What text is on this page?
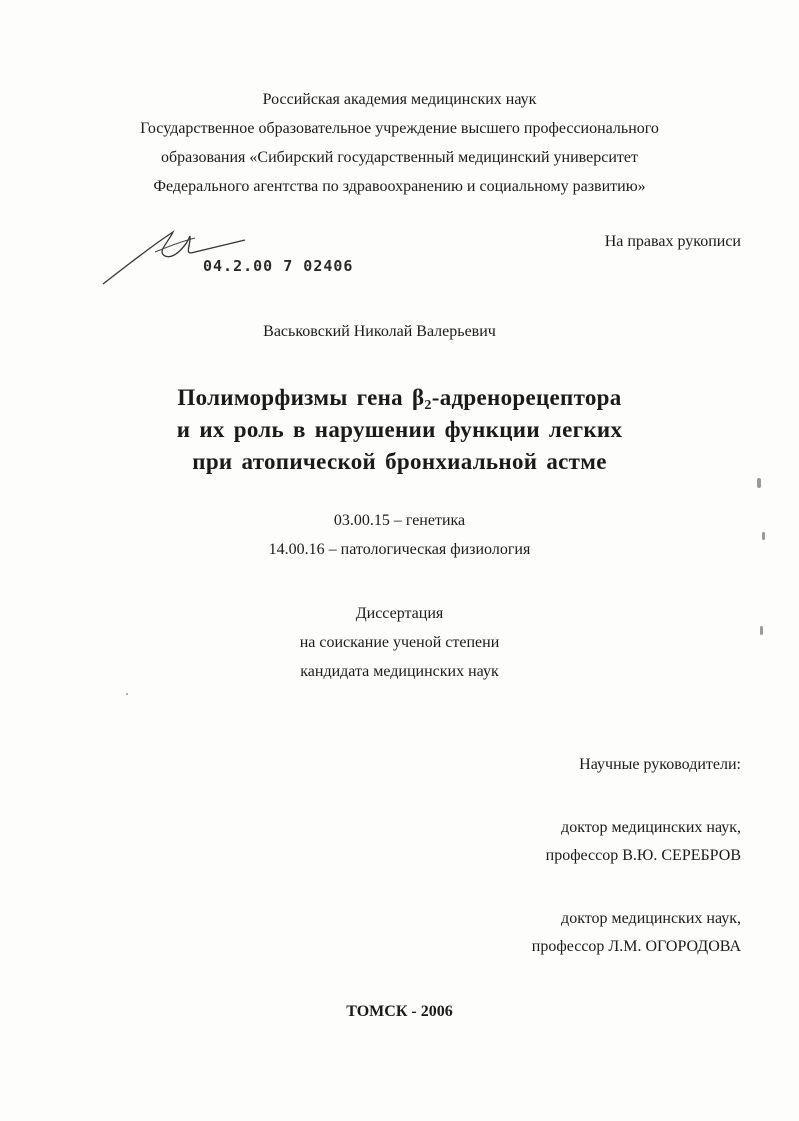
Российская академия медицинских наук
Государственное образовательное учреждение высшего профессионального
образования «Сибирский государственный медицинский университет
Федерального агентства по здравоохранению и социальному развитию»
На правах рукописи
04.2.00 7 02406
Васьковский Николай Валерьевич
Полиморфизмы гена $\beta_2$-адренорецептора
и их роль в нарушении функции легких
при атопической бронхиальной астме
03.00.15 – генетика
14.00.16 – патологическая физиология
Диссертация
на соискание ученой степени
кандидата медицинских наук
Научные руководители:
доктор медицинских наук,
профессор В.Ю. СЕРЕБРОВ
доктор медицинских наук,
профессор Л.М. ОГОРОДОВА
ТОМСК - 2006
